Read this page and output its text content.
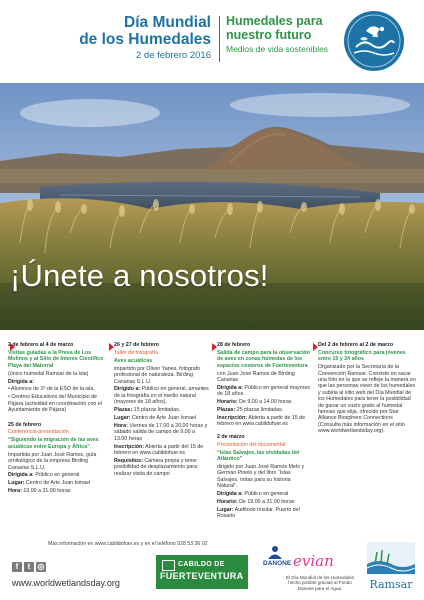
Día Mundial
de los Humedales
2 de febrero 2016
Humedales para
nuestro futuro
Medios de vida sostenibles
¡Únete a nosotros!

2 de febrero al 4 de marzo

Visitas guiadas a la Presa de Los Molinos y al Sitio de Interés Científico Playa del Matorral

(único humedal Ramsar de la isla)

Dirigida a:

• Alumnos de 1º de la ESO de la isla.

• Centros Educativos del Municipio de Pájara (actividad en coordinación con el Ayuntamiento de Pájara)

25 de febrero

Conferencia-presentación

“Siguiendo la migración de las aves acuáticas entre Europa y África”

Impartida por Juan José Ramos, guía ornitológico de la empresa Birding Canarias S.L.U.

Dirigida a: Público en general

Lugar: Centro de Arte Juan Ismael

Hora: 19.00 a 21.00 horas

26 y 27 de febrero

Taller de fotografía

Aves acuáticas

impartido por Oliver Yanes, fotógrafo profesional de naturaleza. Birding Canarias S.L.U.

Dirigido a: Público en general, amantes de la fotografía en el medio natural (mayores de 18 años).

Plazas: 15 plazas limitadas.

Lugar: Centro de Arte Juan Ismael

Hora: Viernes de 17.00 a 20.00 horas y sábado salida de campo de 9.00 a 13.00 horas

Inscripción: Abierta a partir del 15 de febrero en www.cabildofuer.es

Requisitos: Cámara propia y tener posibilidad de desplazamiento para realizar visita de campo

28 de febrero

Salida de campo para la observación de aves en zonas húmedas de los espacios costeros de Fuerteventura

con Juan José Ramos de Birding Canarias

Dirigida a: Público en general mayores de 18 años.

Horario: De 9.00 a 14.00 horas

Plazas: 25 plazas limitadas.

Inscripción: Abierta a partir de 15 de febrero en www.cabildofuer.es

2 de marzo

Presentación del documental

“Islas Salvajes, las olvidadas del Atlántico”

dirigido por Juan José Ramos Melo y Germán Pinelo y del libro “Islas Salvajes, notas para su historia Natural”.

Dirigida a: Público en general

Horario: De 19.00 a 21.00 horas

Lugar: Auditorio Insular. Puerto del Rosario

Del 2 de febrero al 2 de marzo

Concurso fotográfico para jóvenes entre 15 y 24 años

Organizado por la Secretaría de la Convención Ramsar. Consiste en sacar una foto en la que se refleje la manera en que las personas viven de los humedales y subirla al sitio web del Día Mundial de los Humedales para tener la posibilidad de ganar un vuelo gratis al humedal famoso que elija, ofrecido por Star Alliance Biosphere Connections (Consulta más información en el sitio www.worldwetlandsday.org).

Más información en www.cabildofuer.es y en el teléfono 928 53 36 02
f t ◎
www.worldwetlandsday.org
CABILDO DE
FUERTEVENTURA
DANONE evian
El Día Mundial de los Humedales hecho posible gracias al Fondo Danone para el Agua.	Ramsar
